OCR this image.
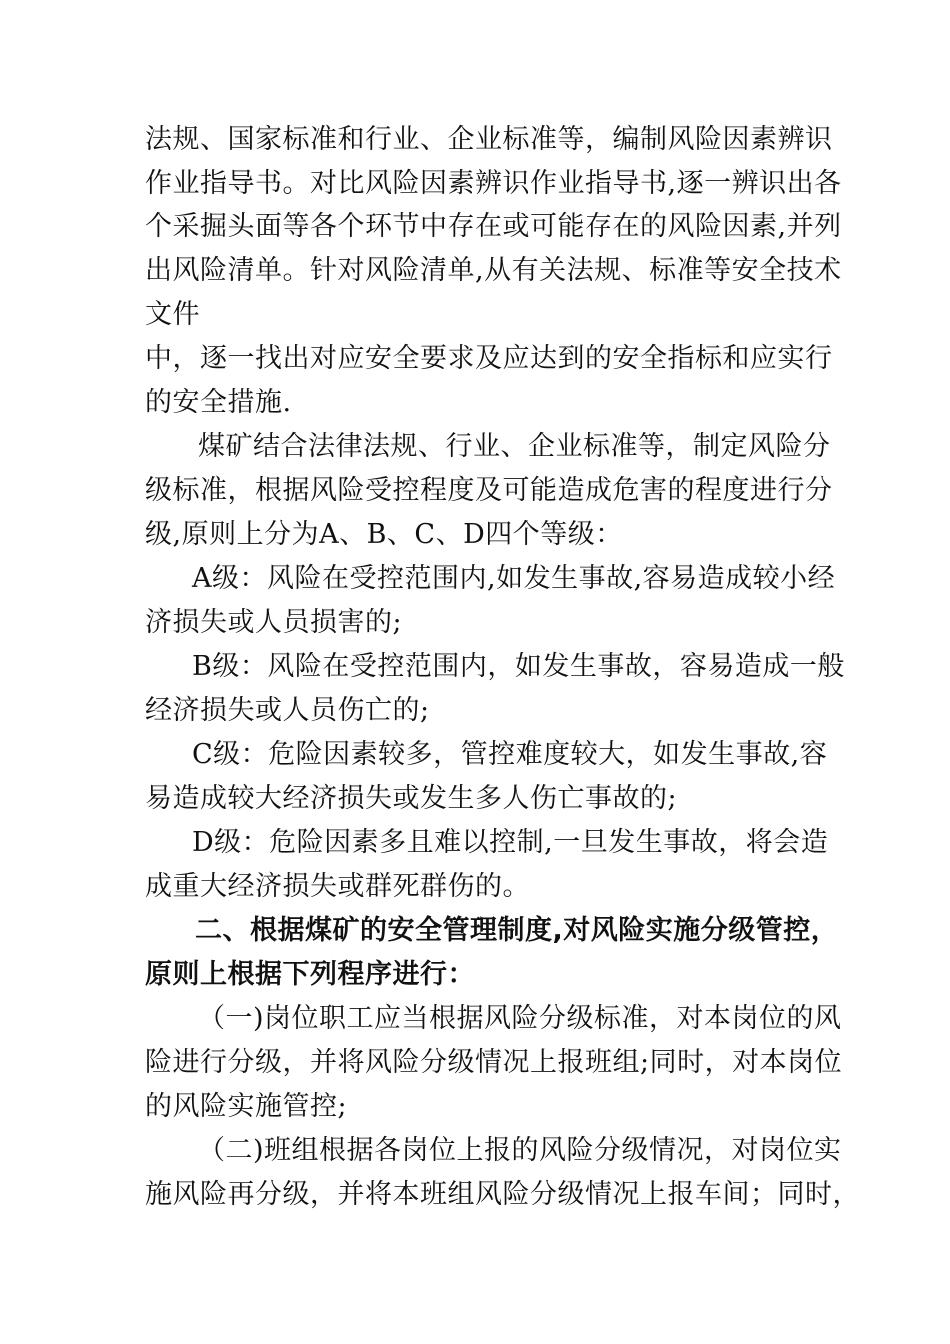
法规、国家标准和行业、企业标准等，编制风险因素辨识
作业指导书。对比风险因素辨识作业指导书,逐一辨识出各
个采掘头面等各个环节中存在或可能存在的风险因素,并列
出风险清单。针对风险清单,从有关法规、标准等安全技术
文件
中，逐一找出对应安全要求及应达到的安全指标和应实行
的安全措施.
煤矿结合法律法规、行业、企业标准等，制定风险分
级标准，根据风险受控程度及可能造成危害的程度进行分
级,原则上分为A、B、C、D四个等级：
A级：风险在受控范围内,如发生事故,容易造成较小经
济损失或人员损害的;
B级：风险在受控范围内，如发生事故，容易造成一般
经济损失或人员伤亡的;
C级：危险因素较多，管控难度较大，如发生事故,容
易造成较大经济损失或发生多人伤亡事故的;
D级：危险因素多且难以控制,一旦发生事故，将会造
成重大经济损失或群死群伤的。
二、根据煤矿的安全管理制度,对风险实施分级管控，
原则上根据下列程序进行：
（一)岗位职工应当根据风险分级标准，对本岗位的风
险进行分级，并将风险分级情况上报班组;同时，对本岗位
的风险实施管控;
（二)班组根据各岗位上报的风险分级情况，对岗位实
施风险再分级，并将本班组风险分级情况上报车间；同时，
